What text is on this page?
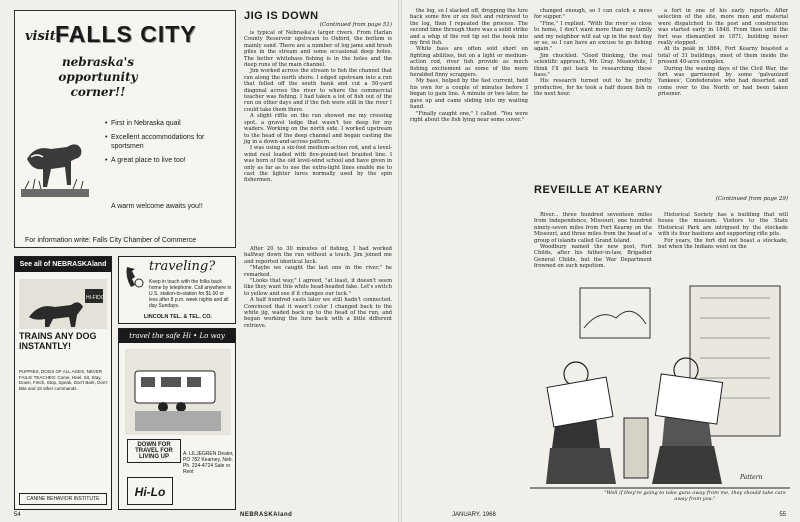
visit FALLS CITY
nebraska's opportunity corner!!
• First in Nebraska quail
• Excellent accommodations for sportsmen
• A great place to live too!
A warm welcome awaits you!!
For information write: Falls City Chamber of Commerce
JIG IS DOWN
(Continued from page 51)

is typical of Nebraska's larger rivers. From Harlan County Reservoir upstream to Oxford, the bottom is mainly sand. There are a number of log jams and brush piles in the stream and some occasional deep holes. The better whitebass fishing is in the holes and the deep runs of the main channel.

Jim worked across the stream to fish the channel that ran along the north shore. I edged upstream into a run that felled off the south bank and cut a 50-yard diagonal across the river to where the commercial teacher was fishing. I had taken a lot of fish out of the run on other days and if the fish were still in the river I could take them there.

A slight riffle on the run showed me my crossing spot, a gravel ledge that wasn't too deep for my waders. Working on the north side, I worked upstream to the head of the deep channel and began casting the jig in a down-and-across pattern.

I was using a six-foot medium-action rod, and a level-wind reel loaded with five-pound-test braided line. I was born of the old level-wind school and have given in only as far as to use the extra-light lines enable me to cast the lighter lures normally used by the spin fishermen.

See all of NEBRASKAland
HI-FIDO
TRAINS ANY DOG INSTANTLY!
PUPPIES, DOGS OF ALL AGES, NEVER FAILS! TEACHES: Come, Heel, Sit, Stay, Down, Fetch, Stop, Speak, Don't Bark, Don't Bite and 18 other commands.
CANINE BEHAVIOR INSTITUTE
traveling?
Keep in touch with the folks back home by telephone. Call anywhere in U.S. station-to-station for $1.00 or less after 8 p.m. week nights and all day Sundays.
LINCOLN TEL. & TEL. CO.
travel the safe Hi • Lo way
DOWN FOR TRAVEL FOR LIVING UP	A. LILJEGREN Dealer, PO 782 Kearney, Neb. Ph. 234-4724 Sale or Rent
Hi-Lo

After 20 to 30 minutes of fishing, I had worked halfway down the run without a touch. Jim joined me and reported identical luck.

"Maybe we caught the last one in the river," he remarked.

"Looks that way," I agreed, "at least, it doesn't seem like they want this white head-headed fake. Let's switch to yellow and see if it changes our luck."

A half hundred casts later we still hadn't connected. Convinced that it wasn't color I changed back to the white jig, waded back up to the head of the run, and began working the lure back with a little different retrieve.

54	NEBRASKAland

the log, so I slacked off, dropping the lure back some five or six feet and retrieved to the log, then I repeated the process. The second time through there was a solid strike and a whip of the rod tip set the hook into my first fish.

White bass are often sold short on fighting abilities, but on a light or medium-action rod, river fish provide as much fishing excitement as some of the more heralded finny scrappers.

My bass, helped by the fast current, held his own for a couple of minutes before I began to gain line. A minute or two later, he gave up and came sliding into my waiting hand.

"Finally caught one," I called. "You were right about the fish lying near some cover."

changed enough, so I can catch a mess for supper."

"Fine," I replied. "With the river so close to home, I don't want more than my family and my neighbor will eat up in the next day or so, so I can have an excuse to go fishing again."

Jim chuckled. "Good thinking, the real scientific approach, Mr. Gray. Meanwhile, I think I'll get back to researching these bass."

His research turned out to be pretty productive, for he took a half dozen fish in the next hour.

a fort in one of his early reports. After selection of the site, more men and material were dispatched to the post and construction was started early in 1848. From then until the fort was dismantled in 1871, building never really stopped.

At its peak in 1864, Fort Kearny boasted a total of 31 buildings, most of them inside the present 40-acre complex.

During the waning days of the Civil War, the fort was garrisoned by some 'galvanized Yankees', Confederates who had deserted and come over to the North or had been taken prisoner.

REVEILLE AT KEARNY
(Continued from page 29)

River... three hundred seventeen miles from Independence, Missouri, one hundred ninety-seven miles from Fort Kearny on the Missouri, and three miles from the head of a group of islands called Grand Island.

Woodbury named the new post, Fort Childs, after his father-in-law, Brigadier General Childs, but the War Department frowned on such nepotism.

Historical Society has a building that will house the museum. Visitors to the State Historical Park are intrigued by the stockade with its four bastions and supporting rifle pits.

For years, the fort did not boast a stockade, but when the Indians went on the

Pattern
"Well if they're going to take guns away from me, they should take cars away from you."
JANUARY, 1968	55
